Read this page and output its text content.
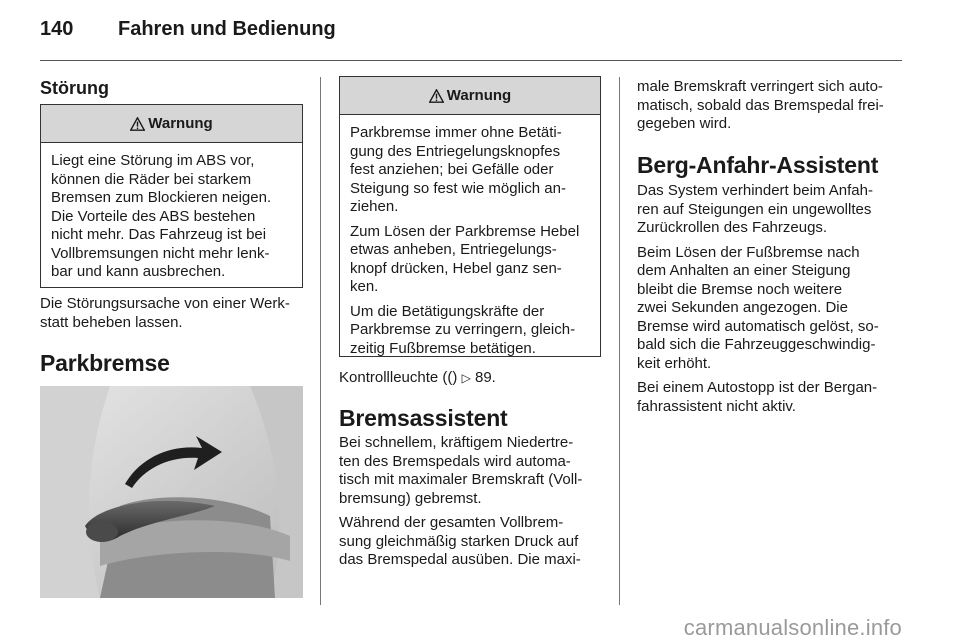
140 Fahren und Bedienung
Störung
Warnung

Liegt eine Störung im ABS vor,
können die Räder bei starkem
Bremsen zum Blockieren neigen.
Die Vorteile des ABS bestehen
nicht mehr. Das Fahrzeug ist bei
Vollbremsungen nicht mehr lenk-
bar und kann ausbrechen.

Die Störungsursache von einer Werk-
statt beheben lassen.

Parkbremse
Warnung

Parkbremse immer ohne Betäti-
gung des Entriegelungsknopfes
fest anziehen; bei Gefälle oder
Steigung so fest wie möglich an-
ziehen.

Zum Lösen der Parkbremse Hebel
etwas anheben, Entriegelungs-
knopf drücken, Hebel ganz sen-
ken.

Um die Betätigungskräfte der
Parkbremse zu verringern, gleich-
zeitig Fußbremse betätigen.

Kontrollleuchte (() ▷ 89.

Bremsassistent

Bei schnellem, kräftigem Niedertre-
ten des Bremspedals wird automa-
tisch mit maximaler Bremskraft (Voll-
bremsung) gebremst.

Während der gesamten Vollbrem-
sung gleichmäßig starken Druck auf
das Bremspedal ausüben. Die maxi-

male Bremskraft verringert sich auto-
matisch, sobald das Bremspedal frei-
gegeben wird.

Berg-Anfahr-Assistent

Das System verhindert beim Anfah-
ren auf Steigungen ein ungewolltes
Zurückrollen des Fahrzeugs.

Beim Lösen der Fußbremse nach
dem Anhalten an einer Steigung
bleibt die Bremse noch weitere
zwei Sekunden angezogen. Die
Bremse wird automatisch gelöst, so-
bald sich die Fahrzeuggeschwindig-
keit erhöht.

Bei einem Autostopp ist der Bergan-
fahrassistent nicht aktiv.

carmanualsonline.info
